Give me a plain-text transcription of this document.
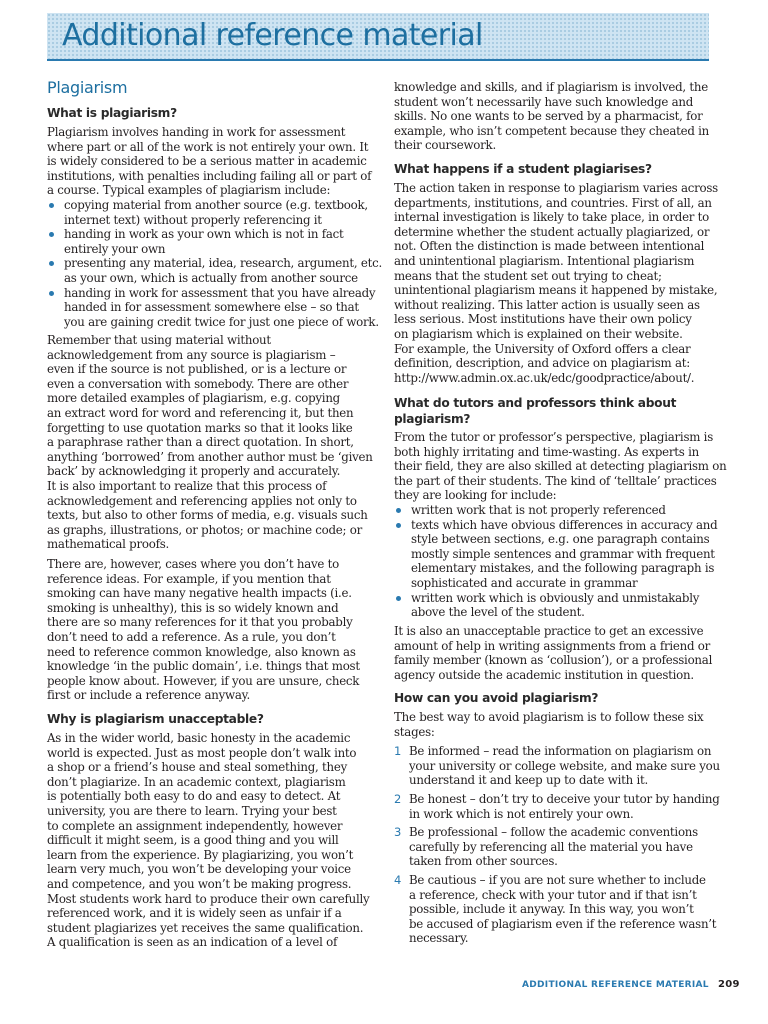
Additional reference material
Plagiarism
What is plagiarism?
Plagiarism involves handing in work for assessment
where part or all of the work is not entirely your own. It
is widely considered to be a serious matter in academic
institutions, with penalties including failing all or part of
a course. Typical examples of plagiarism include:
copying material from another source (e.g. textbook,
internet text) without properly referencing it
handing in work as your own which is not in fact
entirely your own
presenting any material, idea, research, argument, etc.
as your own, which is actually from another source
handing in work for assessment that you have already
handed in for assessment somewhere else – so that
you are gaining credit twice for just one piece of work.
Remember that using material without
acknowledgement from any source is plagiarism –
even if the source is not published, or is a lecture or
even a conversation with somebody. There are other
more detailed examples of plagiarism, e.g. copying
an extract word for word and referencing it, but then
forgetting to use quotation marks so that it looks like
a paraphrase rather than a direct quotation. In short,
anything ‘borrowed’ from another author must be ‘given
back’ by acknowledging it properly and accurately.
It is also important to realize that this process of
acknowledgement and referencing applies not only to
texts, but also to other forms of media, e.g. visuals such
as graphs, illustrations, or photos; or machine code; or
mathematical proofs.
There are, however, cases where you don’t have to
reference ideas. For example, if you mention that
smoking can have many negative health impacts (i.e.
smoking is unhealthy), this is so widely known and
there are so many references for it that you probably
don’t need to add a reference. As a rule, you don’t
need to reference common knowledge, also known as
knowledge ‘in the public domain’, i.e. things that most
people know about. However, if you are unsure, check
first or include a reference anyway.
Why is plagiarism unacceptable?
As in the wider world, basic honesty in the academic
world is expected. Just as most people don’t walk into
a shop or a friend’s house and steal something, they
don’t plagiarize. In an academic context, plagiarism
is potentially both easy to do and easy to detect. At
university, you are there to learn. Trying your best
to complete an assignment independently, however
difficult it might seem, is a good thing and you will
learn from the experience. By plagiarizing, you won’t
learn very much, you won’t be developing your voice
and competence, and you won’t be making progress.
Most students work hard to produce their own carefully
referenced work, and it is widely seen as unfair if a
student plagiarizes yet receives the same qualification.
A qualification is seen as an indication of a level of
knowledge and skills, and if plagiarism is involved, the
student won’t necessarily have such knowledge and
skills. No one wants to be served by a pharmacist, for
example, who isn’t competent because they cheated in
their coursework.
What happens if a student plagiarises?
The action taken in response to plagiarism varies across
departments, institutions, and countries. First of all, an
internal investigation is likely to take place, in order to
determine whether the student actually plagiarized, or
not. Often the distinction is made between intentional
and unintentional plagiarism. Intentional plagiarism
means that the student set out trying to cheat;
unintentional plagiarism means it happened by mistake,
without realizing. This latter action is usually seen as
less serious. Most institutions have their own policy
on plagiarism which is explained on their website.
For example, the University of Oxford offers a clear
definition, description, and advice on plagiarism at:
http://www.admin.ox.ac.uk/edc/goodpractice/about/.
What do tutors and professors think about
plagiarism?
From the tutor or professor’s perspective, plagiarism is
both highly irritating and time-wasting. As experts in
their field, they are also skilled at detecting plagiarism on
the part of their students. The kind of ‘telltale’ practices
they are looking for include:
written work that is not properly referenced
texts which have obvious differences in accuracy and
style between sections, e.g. one paragraph contains
mostly simple sentences and grammar with frequent
elementary mistakes, and the following paragraph is
sophisticated and accurate in grammar
written work which is obviously and unmistakably
above the level of the student.
It is also an unacceptable practice to get an excessive
amount of help in writing assignments from a friend or
family member (known as ‘collusion’), or a professional
agency outside the academic institution in question.
How can you avoid plagiarism?
The best way to avoid plagiarism is to follow these six
stages:
1 Be informed – read the information on plagiarism on
your university or college website, and make sure you
understand it and keep up to date with it.
2 Be honest – don’t try to deceive your tutor by handing
in work which is not entirely your own.
3 Be professional – follow the academic conventions
carefully by referencing all the material you have
taken from other sources.
4 Be cautious – if you are not sure whether to include
a reference, check with your tutor and if that isn’t
possible, include it anyway. In this way, you won’t
be accused of plagiarism even if the reference wasn’t
necessary.
ADDITIONAL REFERENCE MATERIAL 209
